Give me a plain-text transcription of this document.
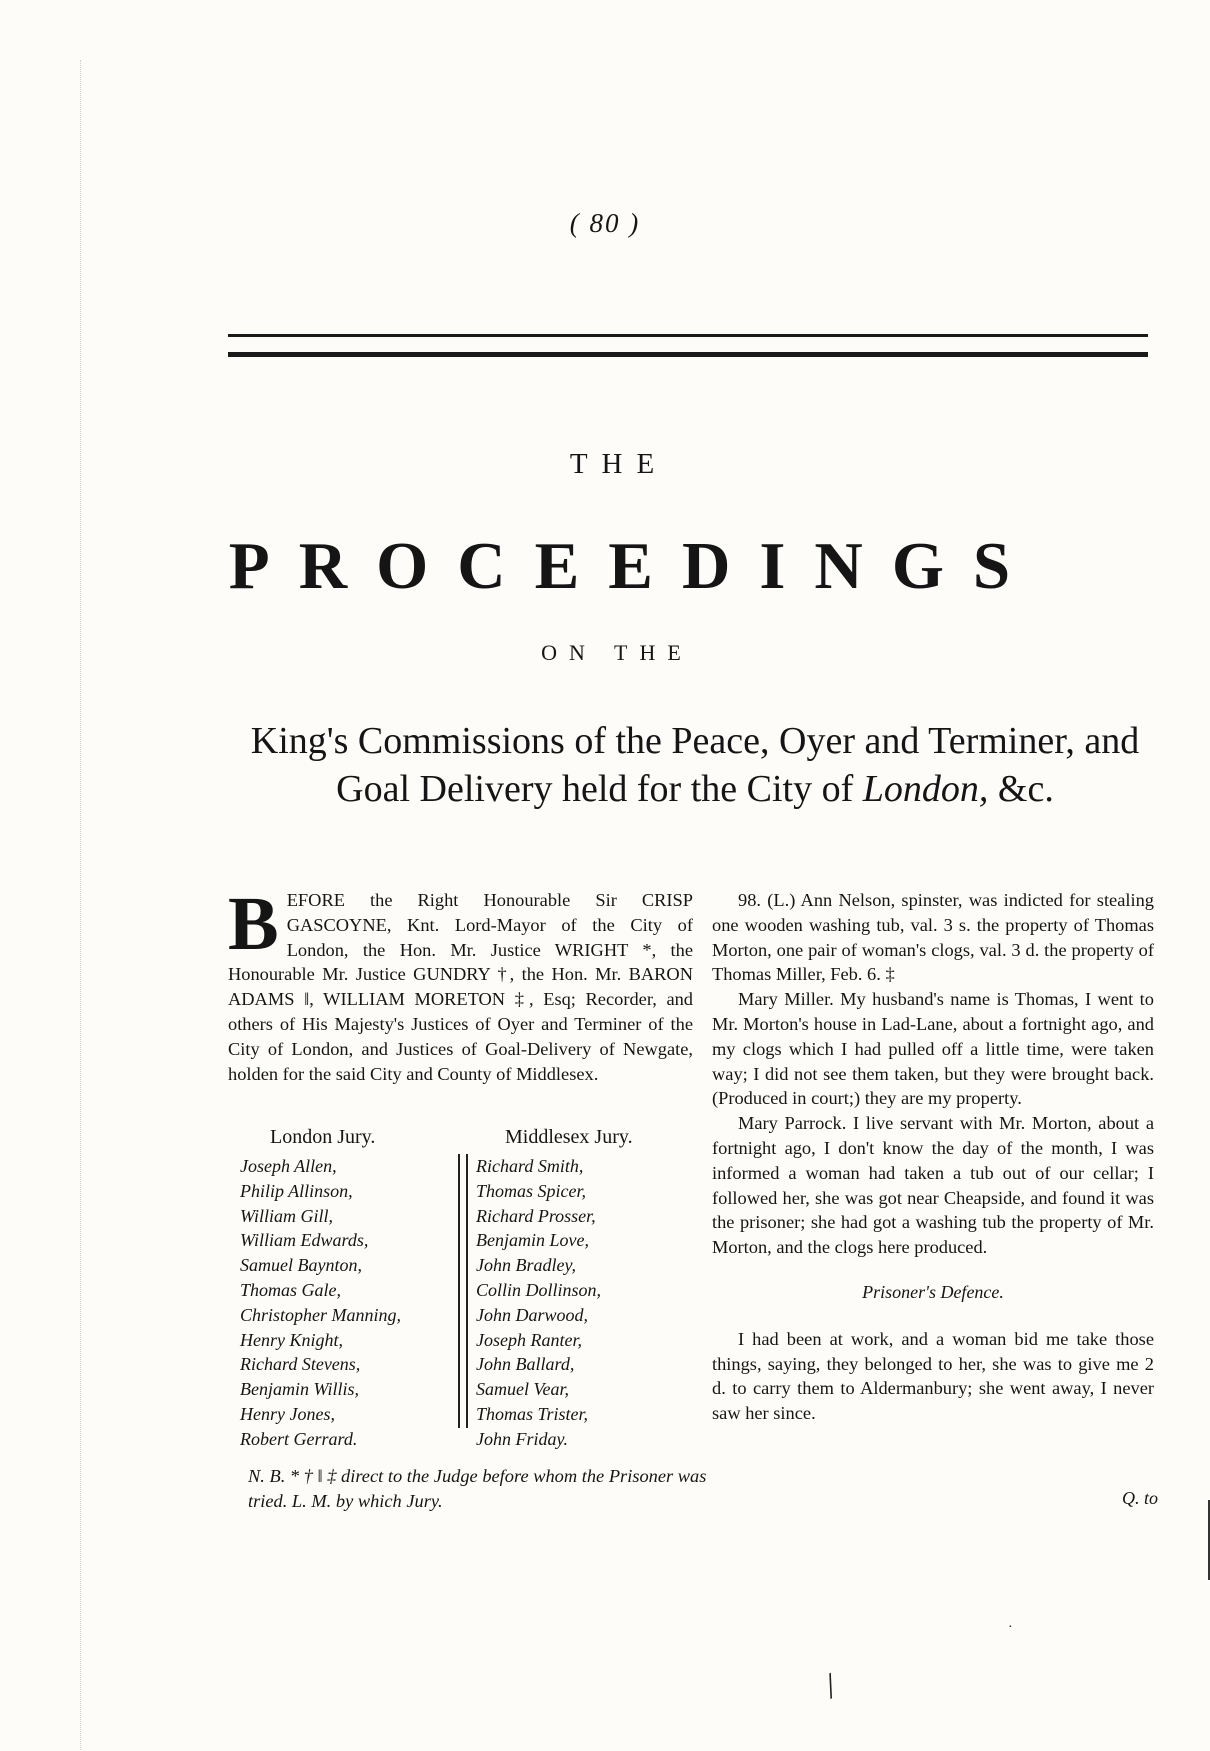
( 80 )
THE
PROCEEDINGS
ON THE
King's Commissions of the Peace, Oyer and Terminer, and
Goal Delivery held for the City of London, &c.
BEFORE the Right Honourable Sir CRISP GASCOYNE, Knt. Lord-Mayor of the City of London, the Hon. Mr. Justice WRIGHT *, the Honourable Mr. Justice GUNDRY †, the Hon. Mr. BARON ADAMS ‖, WILLIAM MORETON ‡, Esq; Recorder, and others of His Majesty's Justices of Oyer and Terminer of the City of London, and Justices of Goal-Delivery of Newgate, holden for the said City and County of Middlesex.
London Jury.	Middlesex Jury.
Joseph Allen,
Philip Allinson,
William Gill,
William Edwards,
Samuel Baynton,
Thomas Gale,
Christopher Manning,
Henry Knight,
Richard Stevens,
Benjamin Willis,
Henry Jones,
Robert Gerrard.
Richard Smith,
Thomas Spicer,
Richard Prosser,
Benjamin Love,
John Bradley,
Collin Dollinson,
John Darwood,
Joseph Ranter,
John Ballard,
Samuel Vear,
Thomas Trister,
John Friday.
N. B. * † ‖ ‡ direct to the Judge before whom the Prisoner was tried. L. M. by which Jury.

98. (L.) Ann Nelson, spinster, was indicted for stealing one wooden washing tub, val. 3 s. the property of Thomas Morton, one pair of woman's clogs, val. 3 d. the property of Thomas Miller, Feb. 6. ‡

Mary Miller. My husband's name is Thomas, I went to Mr. Morton's house in Lad-Lane, about a fortnight ago, and my clogs which I had pulled off a little time, were taken way; I did not see them taken, but they were brought back. (Produced in court;) they are my property.

Mary Parrock. I live servant with Mr. Morton, about a fortnight ago, I don't know the day of the month, I was informed a woman had taken a tub out of our cellar; I followed her, she was got near Cheapside, and found it was the prisoner; she had got a washing tub the property of Mr. Morton, and the clogs here produced.

Prisoner's Defence.

I had been at work, and a woman bid me take those things, saying, they belonged to her, she was to give me 2 d. to carry them to Aldermanbury; she went away, I never saw her since.

Q. to
/
·
